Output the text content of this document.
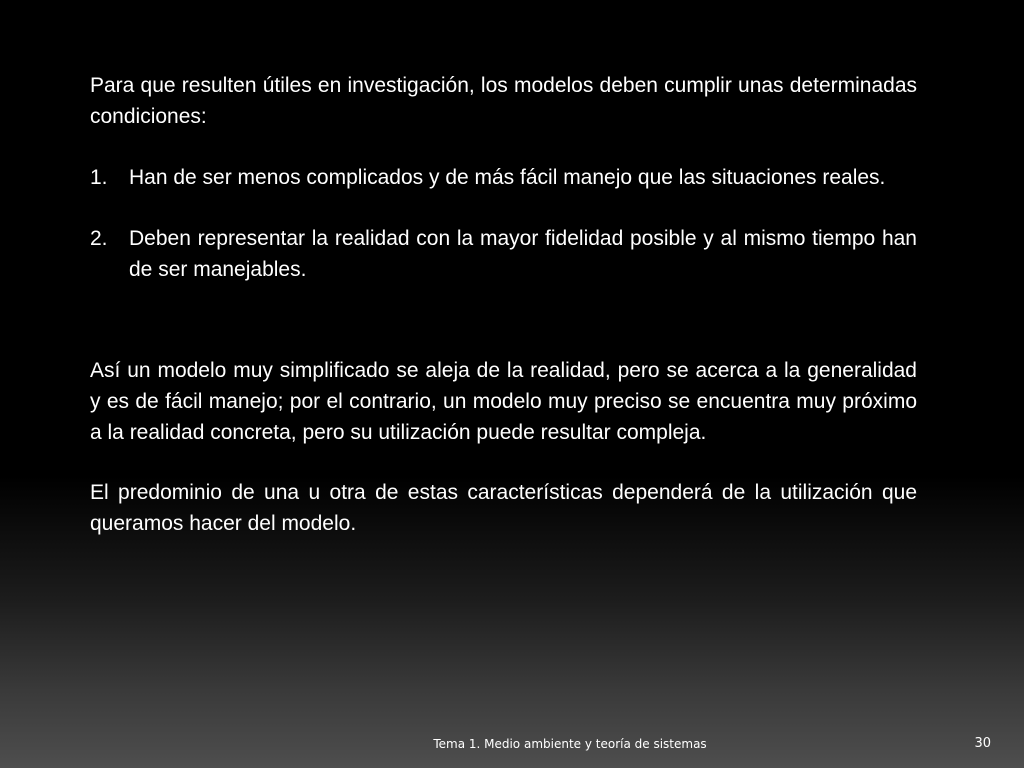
Para que resulten útiles en investigación, los modelos deben cumplir unas determinadas condiciones:

1.	Han de ser menos complicados y de más fácil manejo que las situaciones reales.
2.	Deben representar la realidad con la mayor fidelidad posible y al mismo tiempo han de ser manejables.

Así un modelo muy simplificado se aleja de la realidad, pero se acerca a la generalidad y es de fácil manejo; por el contrario, un modelo muy preciso se encuentra muy próximo a la realidad concreta, pero su utilización puede resultar compleja.

El predominio de una u otra de estas características dependerá de la utilización que queramos hacer del modelo.

Tema 1. Medio ambiente y teoría de sistemas	30
